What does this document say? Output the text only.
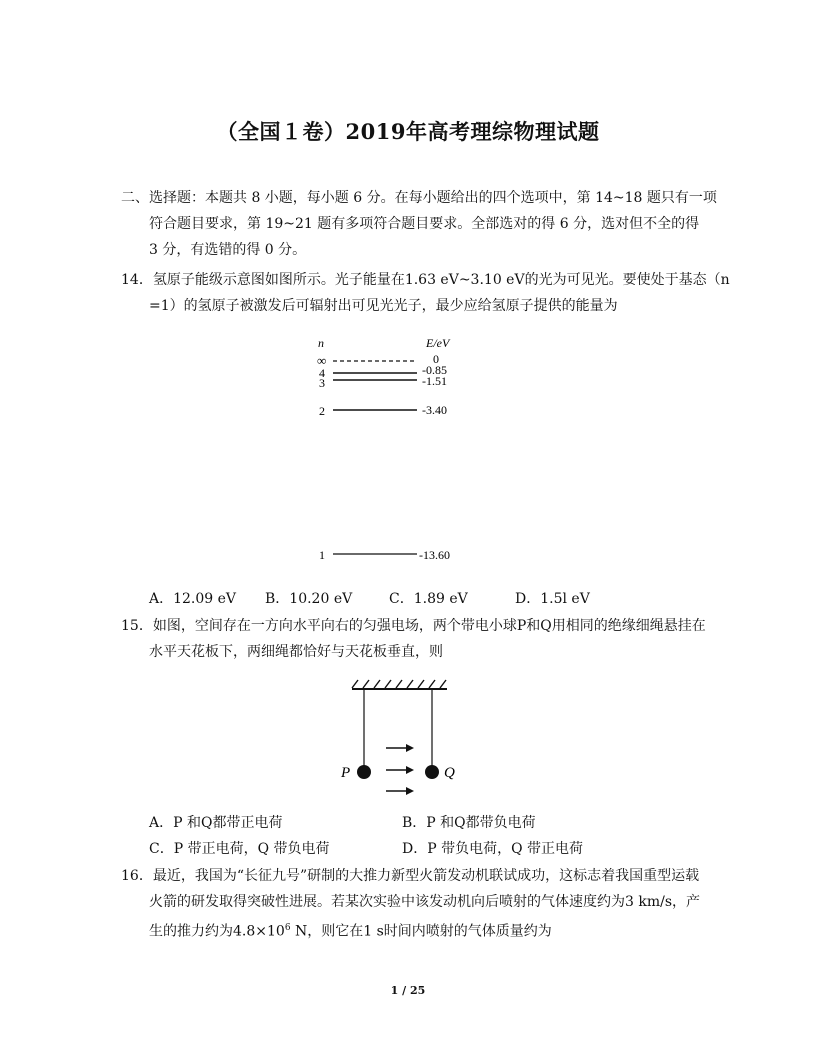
（全国１卷）2019年高考理综物理试题
二、选择题：本题共 8 小题，每小题 6 分。在每小题给出的四个选项中，第 14~18 题只有一项
符合题目要求，第 19~21 题有多项符合题目要求。全部选对的得 6 分，选对但不全的得
3 分，有选错的得 0 分。
14．氢原子能级示意图如图所示。光子能量在1.63 eV~3.10 eV的光为可见光。要使处于基态（n
=1）的氢原子被激发后可辐射出可见光光子，最少应给氢原子提供的能量为
n	E/eV
∞	0
4	-0.85
3	-1.51
2	-3.40
1	-13.60
A．12.09 eV B．10.20 eV	C．1.89 eV	D．1.5l eV
15．如图，空间存在一方向水平向右的匀强电场，两个带电小球P和Q用相同的绝缘细绳悬挂在
水平天花板下，两细绳都恰好与天花板垂直，则
P	Q
A．P 和Q都带正电荷	B．P 和Q都带负电荷
C．P 带正电荷，Q 带负电荷	D．P 带负电荷，Q 带正电荷
16．最近，我国为“长征九号”研制的大推力新型火箭发动机联试成功，这标志着我国重型运载
火箭的研发取得突破性进展。若某次实验中该发动机向后喷射的气体速度约为3 km/s，产
生的推力约为$4.8\times 10^6$ N，则它在1 s时间内喷射的气体质量约为
1 / 25
